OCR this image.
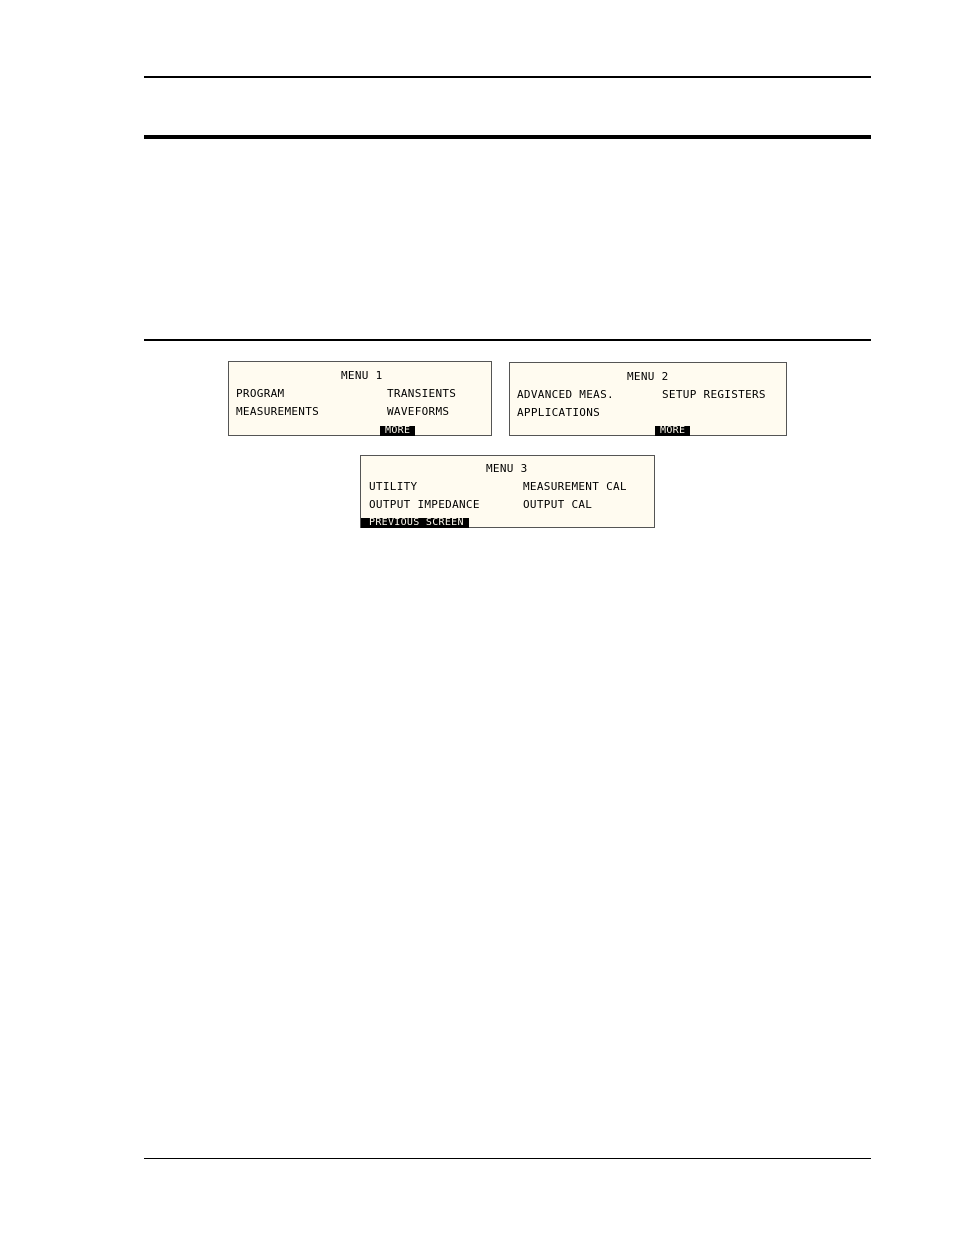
MENU 1
PROGRAM
MEASUREMENTS
TRANSIENTS
WAVEFORMS
MORE
MENU 2
ADVANCED MEAS.
APPLICATIONS
SETUP REGISTERS
MORE
MENU 3
UTILITY
OUTPUT IMPEDANCE
MEASUREMENT CAL
OUTPUT CAL
PREVIOUS SCREEN
